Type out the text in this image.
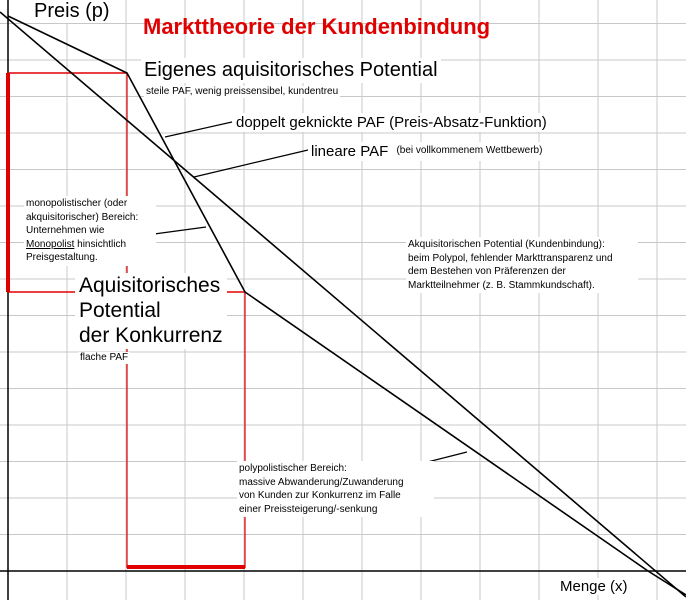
Preis (p)
Menge (x)
Markttheorie der Kundenbindung
Eigenes aquisitorisches Potential
steile PAF, wenig preissensibel, kundentreu
doppelt geknickte PAF (Preis-Absatz-Funktion)
lineare PAF $^{(bei vollkommenem Wettbewerb)}$
monopolistischer (oder
akquisitorischer) Bereich:
Unternehmen wie
Monopolist hinsichtlich
Preisgestaltung.
Akquisitorischen Potential (Kundenbindung):
beim Polypol, fehlender Markttransparenz und
dem Bestehen von Präferenzen der
Marktteilnehmer (z. B. Stammkundschaft).
Aquisitorisches
Potential
der Konkurrenz
flache PAF
polypolistischer Bereich:
massive Abwanderung/Zuwanderung
von Kunden zur Konkurrenz im Falle
einer Preissteigerung/-senkung
